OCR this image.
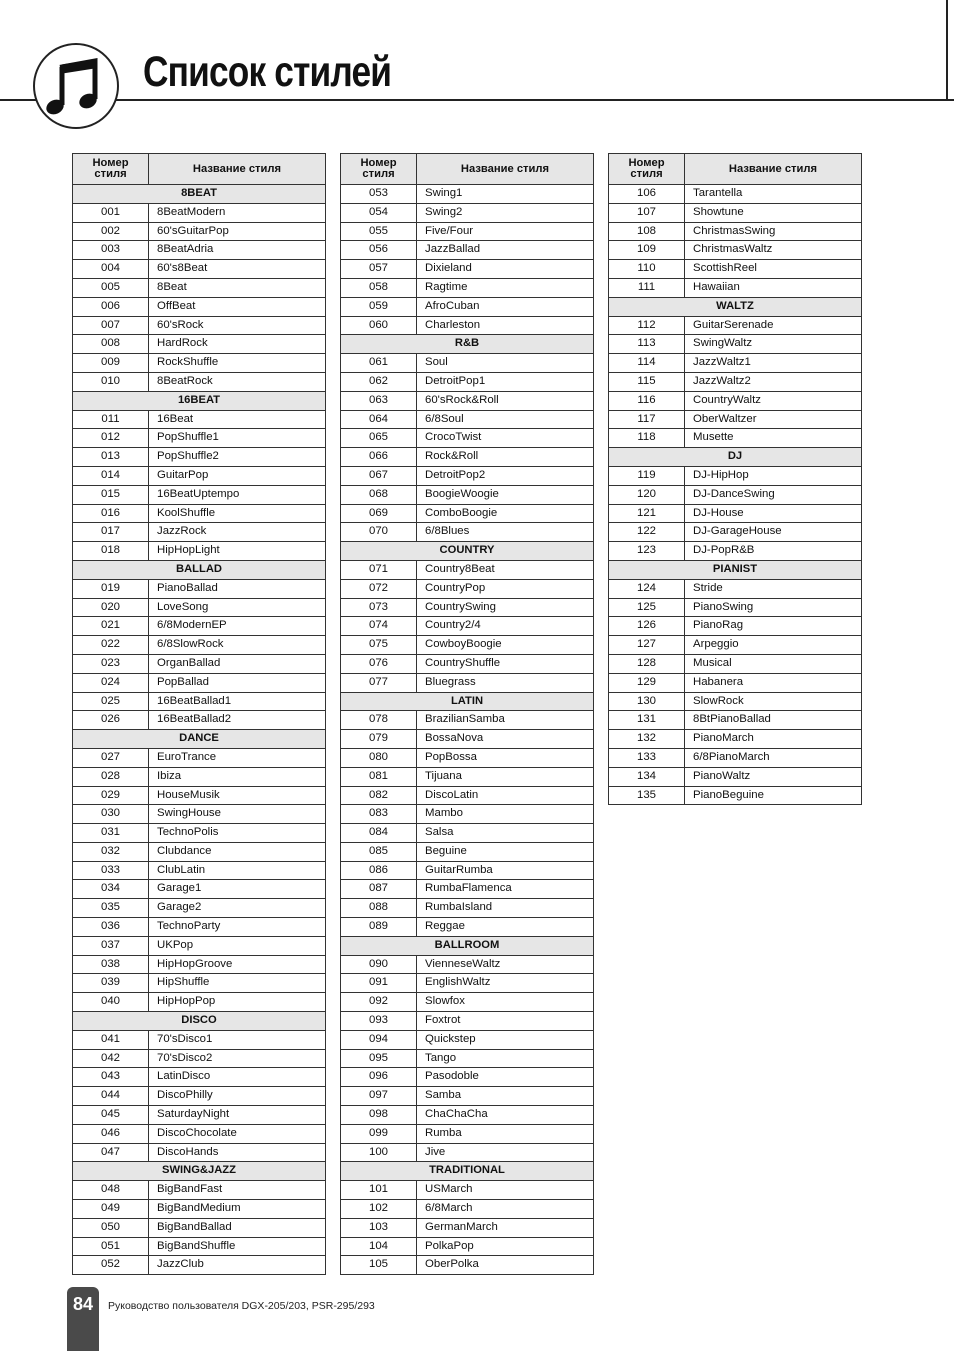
Список стилей
Номер
стиля	Название стиля
8BEAT	
001	8BeatModern
002	60'sGuitarPop
003	8BeatAdria
004	60's8Beat
005	8Beat
006	OffBeat
007	60'sRock
008	HardRock
009	RockShuffle
010	8BeatRock
16BEAT	
011	16Beat
012	PopShuffle1
013	PopShuffle2
014	GuitarPop
015	16BeatUptempo
016	KoolShuffle
017	JazzRock
018	HipHopLight
BALLAD	
019	PianoBallad
020	LoveSong
021	6/8ModernEP
022	6/8SlowRock
023	OrganBallad
024	PopBallad
025	16BeatBallad1
026	16BeatBallad2
DANCE	
027	EuroTrance
028	Ibiza
029	HouseMusik
030	SwingHouse
031	TechnoPolis
032	Clubdance
033	ClubLatin
034	Garage1
035	Garage2
036	TechnoParty
037	UKPop
038	HipHopGroove
039	HipShuffle
040	HipHopPop
DISCO	
041	70'sDisco1
042	70'sDisco2
043	LatinDisco
044	DiscoPhilly
045	SaturdayNight
046	DiscoChocolate
047	DiscoHands
SWING&JAZZ	
048	BigBandFast
049	BigBandMedium
050	BigBandBallad
051	BigBandShuffle
052	JazzClub
Номер
стиля	Название стиля
053	Swing1
054	Swing2
055	Five/Four
056	JazzBallad
057	Dixieland
058	Ragtime
059	AfroCuban
060	Charleston
R&B	
061	Soul
062	DetroitPop1
063	60'sRock&Roll
064	6/8Soul
065	CrocoTwist
066	Rock&Roll
067	DetroitPop2
068	BoogieWoogie
069	ComboBoogie
070	6/8Blues
COUNTRY	
071	Country8Beat
072	CountryPop
073	CountrySwing
074	Country2/4
075	CowboyBoogie
076	CountryShuffle
077	Bluegrass
LATIN	
078	BrazilianSamba
079	BossaNova
080	PopBossa
081	Tijuana
082	DiscoLatin
083	Mambo
084	Salsa
085	Beguine
086	GuitarRumba
087	RumbaFlamenca
088	RumbaIsland
089	Reggae
BALLROOM	
090	VienneseWaltz
091	EnglishWaltz
092	Slowfox
093	Foxtrot
094	Quickstep
095	Tango
096	Pasodoble
097	Samba
098	ChaChaCha
099	Rumba
100	Jive
TRADITIONAL	
101	USMarch
102	6/8March
103	GermanMarch
104	PolkaPop
105	OberPolka
Номер
стиля	Название стиля
106	Tarantella
107	Showtune
108	ChristmasSwing
109	ChristmasWaltz
110	ScottishReel
111	Hawaiian
WALTZ	
112	GuitarSerenade
113	SwingWaltz
114	JazzWaltz1
115	JazzWaltz2
116	CountryWaltz
117	OberWaltzer
118	Musette
DJ	
119	DJ-HipHop
120	DJ-DanceSwing
121	DJ-House
122	DJ-GarageHouse
123	DJ-PopR&B
PIANIST	
124	Stride
125	PianoSwing
126	PianoRag
127	Arpeggio
128	Musical
129	Habanera
130	SlowRock
131	8BtPianoBallad
132	PianoMarch
133	6/8PianoMarch
134	PianoWaltz
135	PianoBeguine
84	Руководство пользователя DGX-205/203, PSR-295/293
